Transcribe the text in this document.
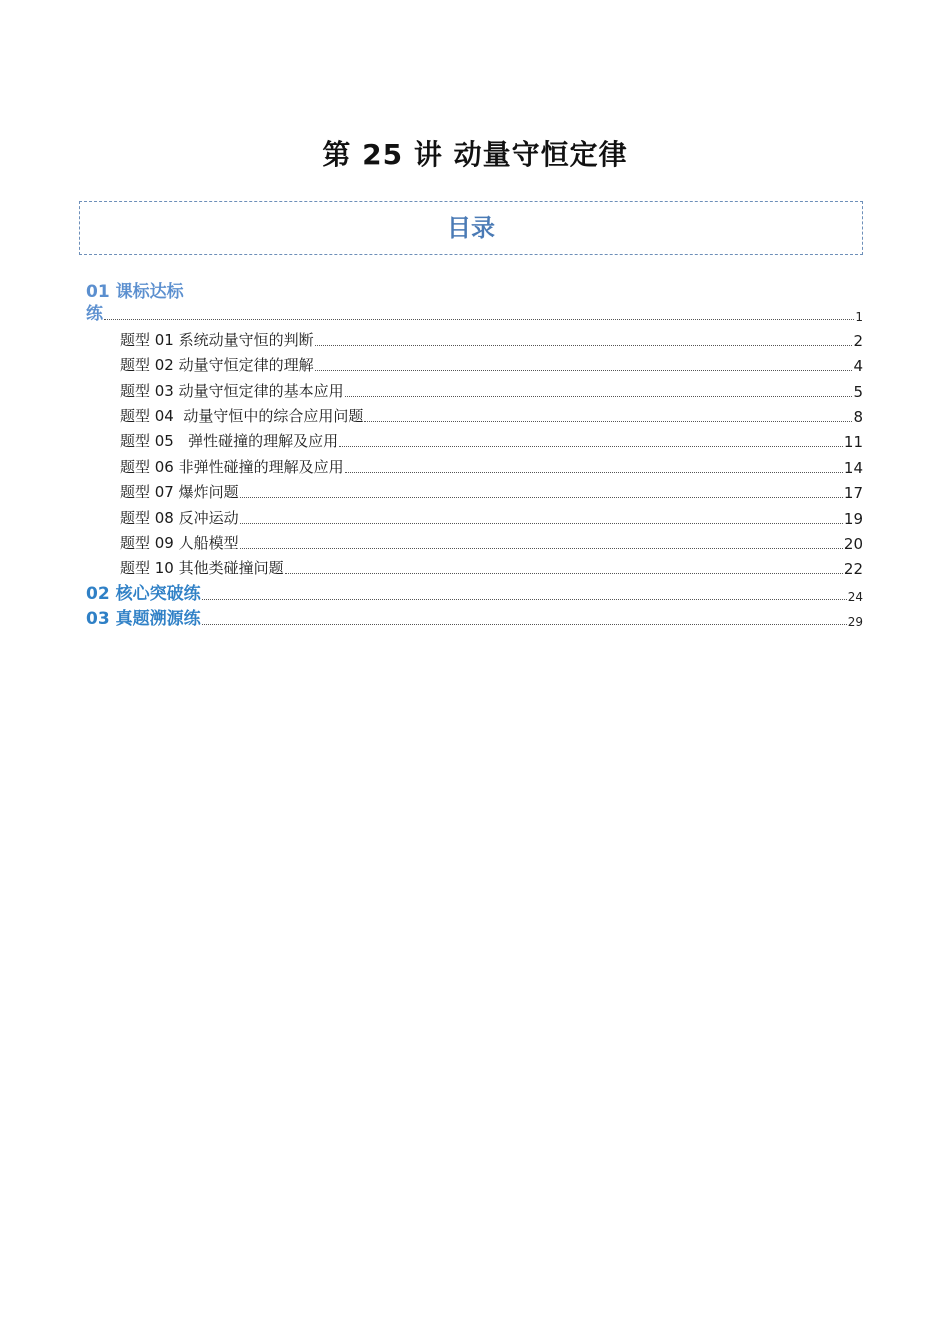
第 25 讲 动量守恒定律
目录
01 课标达标
练	1
题型 01 系统动量守恒的判断	2
题型 02 动量守恒定律的理解	4
题型 03 动量守恒定律的基本应用	5
题型 04  动量守恒中的综合应用问题	8
题型 05   弹性碰撞的理解及应用	11
题型 06 非弹性碰撞的理解及应用	14
题型 07 爆炸问题	17
题型 08 反冲运动	19
题型 09 人船模型	20
题型 10 其他类碰撞问题	22
02 核心突破练	24
03 真题溯源练	29
